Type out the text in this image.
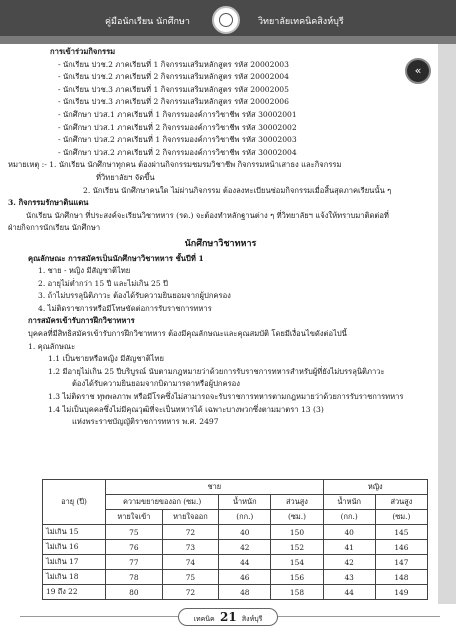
คู่มือนักเรียน นักศึกษา	วิทยาลัยเทคนิคสิงห์บุรี
«
การเข้าร่วมกิจกรรม
- นักเรียน ปวช.2 ภาคเรียนที่ 1 กิจกรรมเสริมหลักสูตร รหัส 20002003
- นักเรียน ปวช.2 ภาคเรียนที่ 2 กิจกรรมเสริมหลักสูตร รหัส 20002004
- นักเรียน ปวช.3 ภาคเรียนที่ 1 กิจกรรมเสริมหลักสูตร รหัส 20002005
- นักเรียน ปวช.3 ภาคเรียนที่ 2 กิจกรรมเสริมหลักสูตร รหัส 20002006
- นักศึกษา ปวส.1 ภาคเรียนที่ 1 กิจกรรมองค์การวิชาชีพ รหัส 30002001
- นักศึกษา ปวส.1 ภาคเรียนที่ 2 กิจกรรมองค์การวิชาชีพ รหัส 30002002
- นักศึกษา ปวส.2 ภาคเรียนที่ 1 กิจกรรมองค์การวิชาชีพ รหัส 30002003
- นักศึกษา ปวส.2 ภาคเรียนที่ 2 กิจกรรมองค์การวิชาชีพ รหัส 30002004
หมายเหตุ :- 1. นักเรียน นักศึกษาทุกคน ต้องผ่านกิจกรรมชมรมวิชาชีพ กิจกรรมหน้าเสาธง และกิจกรรม
ที่วิทยาลัยฯ จัดขึ้น
2. นักเรียน นักศึกษาคนใด ไม่ผ่านกิจกรรม ต้องลงทะเบียนซ่อมกิจกรรมเมื่อสิ้นสุดภาคเรียนนั้น ๆ
3. กิจกรรมรักษาดินแดน
นักเรียน นักศึกษา ที่ประสงค์จะเรียนวิชาทหาร (รด.) จะต้องทำหลักฐานต่าง ๆ ที่วิทยาลัยฯ แจ้งให้ทราบมาติดต่อที่
ฝ่ายกิจการนักเรียน นักศึกษา
นักศึกษาวิชาทหาร
คุณลักษณะ การสมัครเป็นนักศึกษาวิชาทหาร ชั้นปีที่ 1
1. ชาย - หญิง มีสัญชาติไทย
2. อายุไม่ต่ำกว่า 15 ปี และไม่เกิน 25 ปี
3. ถ้าไม่บรรลุนิติภาวะ ต้องได้รับความยินยอมจากผู้ปกครอง
4. ไม่ติดราชการหรือมีโทษขัดต่อการรับราชการทหาร
การสมัครเข้ารับการฝึกวิชาทหาร
บุคคลที่มีสิทธิสมัครเข้ารับการฝึกวิชาทหาร ต้องมีคุณลักษณะและคุณสมบัติ โดยมีเงื่อนไขดังต่อไปนี้
1. คุณลักษณะ
1.1 เป็นชายหรือหญิง มีสัญชาติไทย
1.2 มีอายุไม่เกิน 25 ปีบริบูรณ์ นับตามกฎหมายว่าด้วยการรับราชการทหารสำหรับผู้ที่ยังไม่บรรลุนิติภาวะ
ต้องได้รับความยินยอมจากบิดามารดาหรือผู้ปกครอง
1.3 ไม่ติดราช ทุพพลภาพ หรือมีโรคซึ่งไม่สามารถจะรับราชการทหารตามกฎหมายว่าด้วยการรับราชการทหาร
1.4 ไม่เป็นบุคคลซึ่งไม่มีคุณวุฒิที่จะเป็นทหารได้ เฉพาะบางพวกซึ่งตามมาตรา 13 (3)
แห่งพระราชบัญญัติราชการทหาร พ.ศ. 2497
อายุ (ปี)	ชาย				หญิง	
	ความขยายของอก (ซม.)		น้ำหนัก	ส่วนสูง	น้ำหนัก	ส่วนสูง
	หายใจเข้า	หายใจออก	(กก.)	(ซม.)	(กก.)	(ซม.)
ไม่เกิน 15	75	72	40	150	40	145
ไม่เกิน 16	76	73	42	152	41	146
ไม่เกิน 17	77	74	44	154	42	147
ไม่เกิน 18	78	75	46	156	43	148
19 ถึง 22	80	72	48	158	44	149
เทคนิค 21 สิงห์บุรี
